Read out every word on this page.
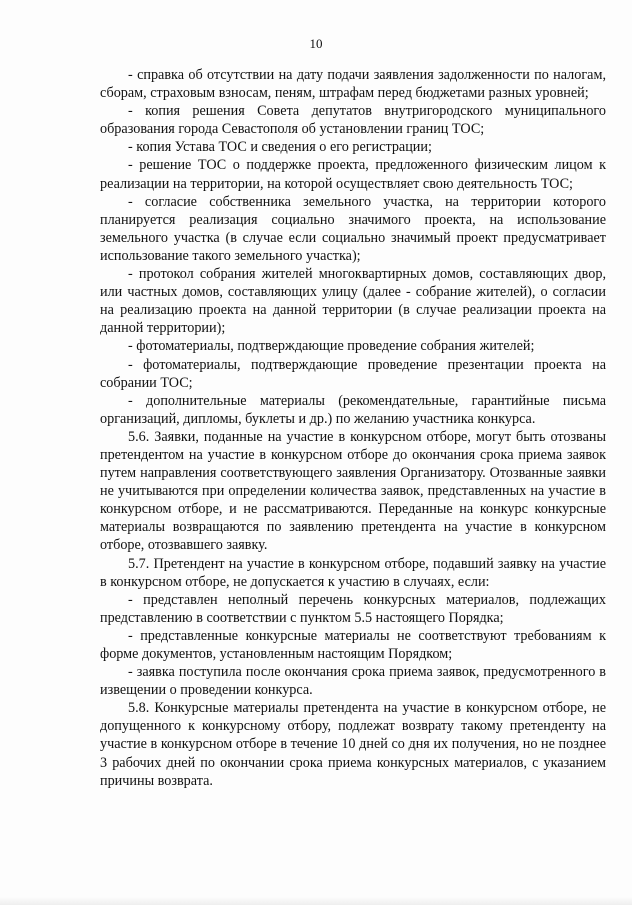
10

- справка об отсутствии на дату подачи заявления задолженности по налогам, сборам, страховым взносам, пеням, штрафам перед бюджетами разных уровней;

- копия решения Совета депутатов внутригородского муниципального образования города Севастополя об установлении границ ТОС;

- копия Устава ТОС и сведения о его регистрации;

- решение ТОС о поддержке проекта, предложенного физическим лицом к реализации на территории, на которой осуществляет свою деятельность ТОС;

- согласие собственника земельного участка, на территории которого планируется реализация социально значимого проекта, на использование земельного участка (в случае если социально значимый проект предусматривает использование такого земельного участка);

- протокол собрания жителей многоквартирных домов, составляющих двор, или частных домов, составляющих улицу (далее - собрание жителей), о согласии на реализацию проекта на данной территории (в случае реализации проекта на данной территории);

- фотоматериалы, подтверждающие проведение собрания жителей;

- фотоматериалы, подтверждающие проведение презентации проекта на собрании ТОС;

- дополнительные материалы (рекомендательные, гарантийные письма организаций, дипломы, буклеты и др.) по желанию участника конкурса.

5.6. Заявки, поданные на участие в конкурсном отборе, могут быть отозваны претендентом на участие в конкурсном отборе до окончания срока приема заявок путем направления соответствующего заявления Организатору. Отозванные заявки не учитываются при определении количества заявок, представленных на участие в конкурсном отборе, и не рассматриваются. Переданные на конкурс конкурсные материалы возвращаются по заявлению претендента на участие в конкурсном отборе, отозвавшего заявку.

5.7. Претендент на участие в конкурсном отборе, подавший заявку на участие в конкурсном отборе, не допускается к участию в случаях, если:

- представлен неполный перечень конкурсных материалов, подлежащих представлению в соответствии с пунктом 5.5 настоящего Порядка;

- представленные конкурсные материалы не соответствуют требованиям к форме документов, установленным настоящим Порядком;

- заявка поступила после окончания срока приема заявок, предусмотренного в извещении о проведении конкурса.

5.8. Конкурсные материалы претендента на участие в конкурсном отборе, не допущенного к конкурсному отбору, подлежат возврату такому претенденту на участие в конкурсном отборе в течение 10 дней со дня их получения, но не позднее 3 рабочих дней по окончании срока приема конкурсных материалов, с указанием причины возврата.
